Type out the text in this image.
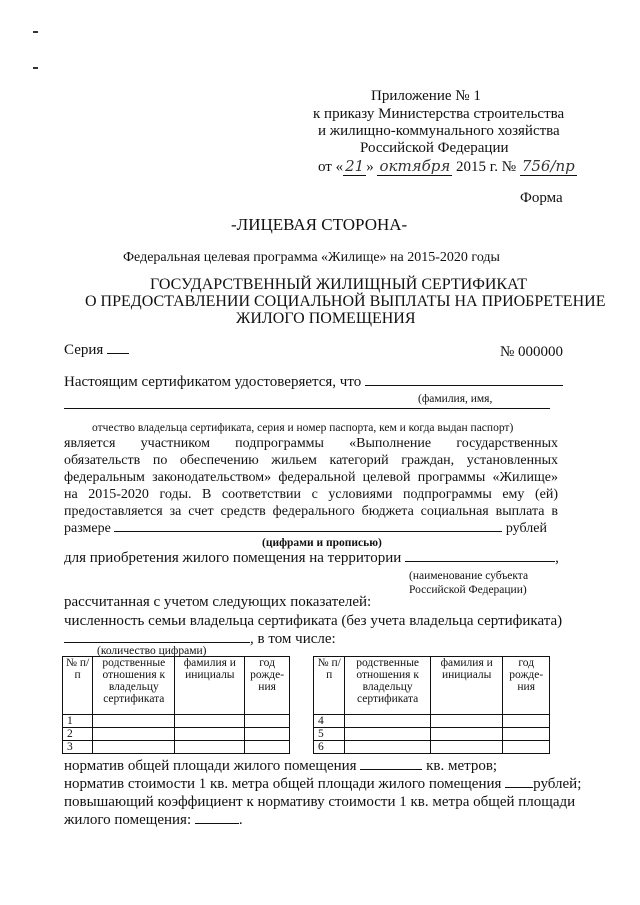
Приложение № 1
к приказу Министерства строительства
и жилищно-коммунального хозяйства
Российской Федерации
от « 21 » октября 2015 г. № 756/пр
Форма
-ЛИЦЕВАЯ СТОРОНА-
Федеральная целевая программа «Жилище» на 2015-2020 годы
ГОСУДАРСТВЕННЫЙ ЖИЛИЩНЫЙ СЕРТИФИКАТ
О ПРЕДОСТАВЛЕНИИ СОЦИАЛЬНОЙ ВЫПЛАТЫ НА ПРИОБРЕТЕНИЕ
ЖИЛОГО ПОМЕЩЕНИЯ
Серия	№ 000000
Настоящим сертификатом удостоверяется, что
(фамилия, имя,
отчество владельца сертификата, серия и номер паспорта, кем и когда выдан паспорт)
является участником подпрограммы «Выполнение государственных
обязательств по обеспечению жильем категорий граждан, установленных
федеральным законодательством» федеральной целевой программы «Жилище»
на 2015-2020 годы. В соответствии с условиями подпрограммы ему (ей)
предоставляется за счет средств федерального бюджета социальная выплата в
размере	рублей
(цифрами и прописью)
для приобретения жилого помещения на территории	,
(наименование субъекта
Российской Федерации)
рассчитанная с учетом следующих показателей:
численность семьи владельца сертификата (без учета владельца сертификата)
, в том числе:
(количество цифрами)
№ п/п	родственные отношения к владельцу сертификата	фамилия и инициалы	год рожде- ния
1			
2			
3			
№ п/п	родственные отношения к владельцу сертификата	фамилия и инициалы	год рожде- ния
4			
5			
6			
норматив общей площади жилого помещения	кв. метров;
норматив стоимости 1 кв. метра общей площади жилого помещения рублей;
повышающий коэффициент к нормативу стоимости 1 кв. метра общей площади
жилого помещения:	.
